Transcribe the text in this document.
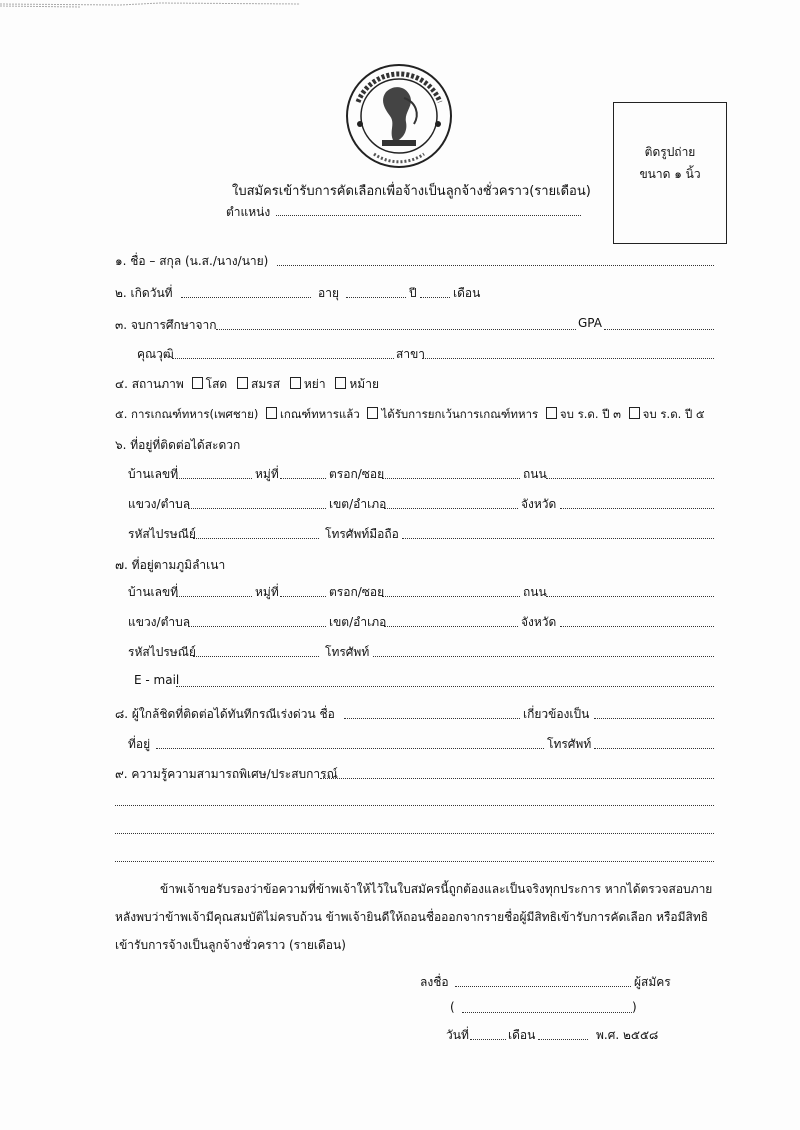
ติดรูปถ่าย
ขนาด ๑ นิ้ว
ใบสมัครเข้ารับการคัดเลือกเพื่อจ้างเป็นลูกจ้างชั่วคราว(รายเดือน)
ตำแหน่ง
๑. ชื่อ – สกุล (น.ส./นาง/นาย)
๒. เกิดวันที่	อายุ	ปี	เดือน
๓. จบการศึกษาจาก	GPA
คุณวุฒิ	สาขา
๔. สถานภาพ โสด สมรส หย่า หม้าย
๕. การเกณฑ์ทหาร(เพศชาย) เกณฑ์ทหารแล้ว ได้รับการยกเว้นการเกณฑ์ทหาร จบ ร.ด. ปี ๓ จบ ร.ด. ปี ๕
๖. ที่อยู่ที่ติดต่อได้สะดวก
บ้านเลขที่	หมู่ที่	ตรอก/ซอย	ถนน
แขวง/ตำบล	เขต/อำเภอ	จังหวัด
รหัสไปรษณีย์	โทรศัพท์มือถือ
๗. ที่อยู่ตามภูมิลำเนา
บ้านเลขที่	หมู่ที่	ตรอก/ซอย	ถนน
แขวง/ตำบล	เขต/อำเภอ	จังหวัด
รหัสไปรษณีย์	โทรศัพท์
E - mail
๘. ผู้ใกล้ชิดที่ติดต่อได้ทันทีกรณีเร่งด่วน ชื่อ	เกี่ยวข้องเป็น
ที่อยู่	โทรศัพท์
๙. ความรู้ความสามารถพิเศษ/ประสบการณ์
ข้าพเจ้าขอรับรองว่าข้อความที่ข้าพเจ้าให้ไว้ในใบสมัครนี้ถูกต้องและเป็นจริงทุกประการ หากได้ตรวจสอบภายหลังพบว่าข้าพเจ้ามีคุณสมบัติไม่ครบถ้วน ข้าพเจ้ายินดีให้ถอนชื่อออกจากรายชื่อผู้มีสิทธิเข้ารับการคัดเลือก หรือมีสิทธิเข้ารับการจ้างเป็นลูกจ้างชั่วคราว (รายเดือน)
ลงชื่อ	ผู้สมัคร
(	)
วันที่	เดือน	พ.ศ. ๒๕๕๘
